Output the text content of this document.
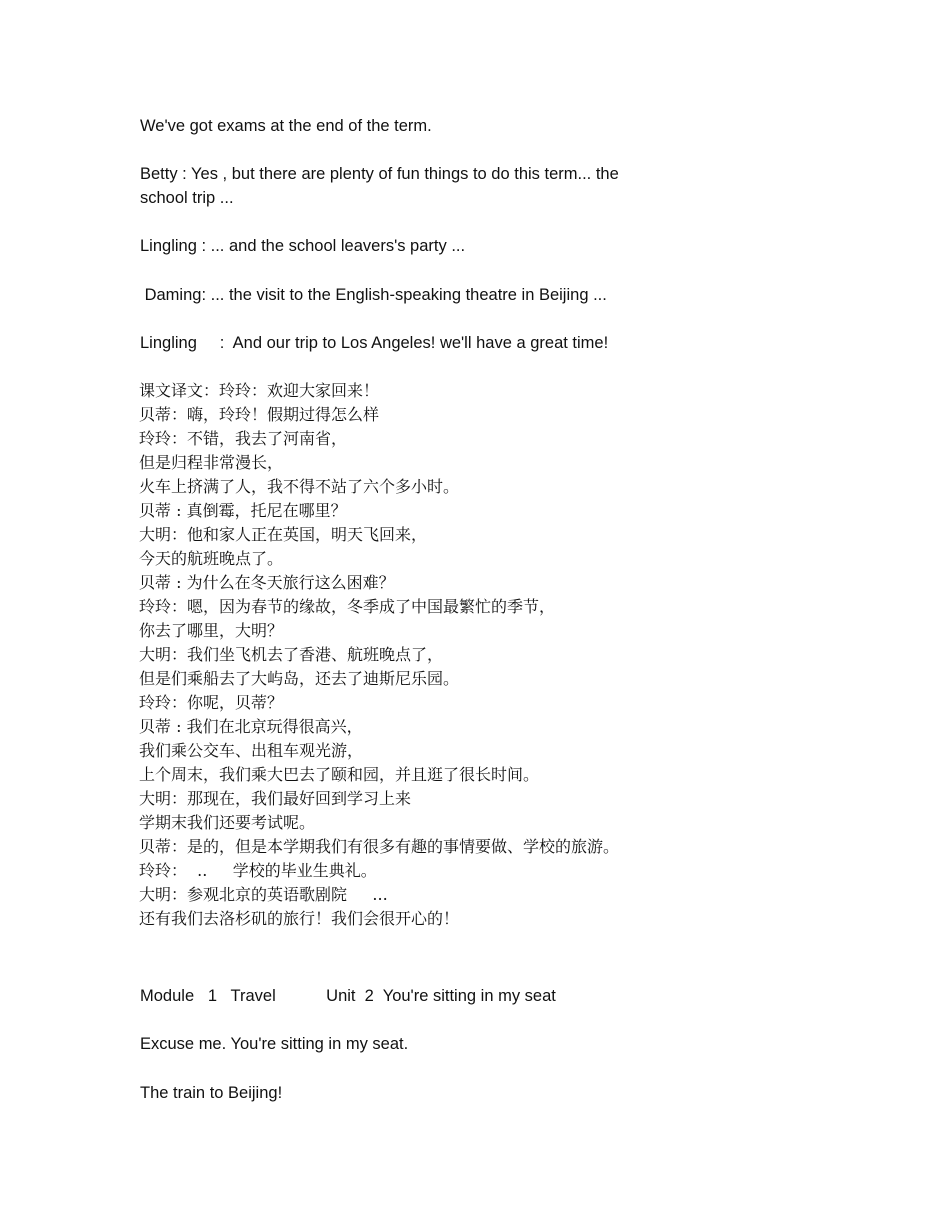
We've got exams at the end of the term.

Betty : Yes , but there are plenty of fun things to do this term... the

school trip ...

Lingling : ... and the school leavers's party ...

Daming: ... the visit to the English-speaking theatre in Beijing ...

Lingling     :  And our trip to Los Angeles! we'll have a great time!

课文译文：玲玲：欢迎大家回来！

贝蒂：嗨，玲玲！假期过得怎么样

玲玲：不错，我去了河南省，

但是归程非常漫长，

火车上挤满了人，我不得不站了六个多小时。

贝蒂 : 真倒霉，托尼在哪里？

大明：他和家人正在英国，明天飞回来，

今天的航班晚点了。

贝蒂 : 为什么在冬天旅行这么困难？

玲玲：嗯，因为春节的缘故，冬季成了中国最繁忙的季节，

你去了哪里，大明？

大明：我们坐飞机去了香港、航班晚点了，

但是们乘船去了大屿岛，还去了迪斯尼乐园。

玲玲：你呢，贝蒂？

贝蒂 : 我们在北京玩得很高兴，

我们乘公交车、出租车观光游，

上个周末，我们乘大巴去了颐和园，并且逛了很长时间。

大明：那现在，我们最好回到学习上来

学期末我们还要考试呢。

贝蒂：是的，但是本学期我们有很多有趣的事情要做、学校的旅游。

玲玲：  ..     学校的毕业生典礼。

大明：参观北京的英语歌剧院     ...

还有我们去洛杉矶的旅行！我们会很开心的！

Module   1   Travel           Unit  2  You're sitting in my seat

Excuse me. You're sitting in my seat.

The train to Beijing!
